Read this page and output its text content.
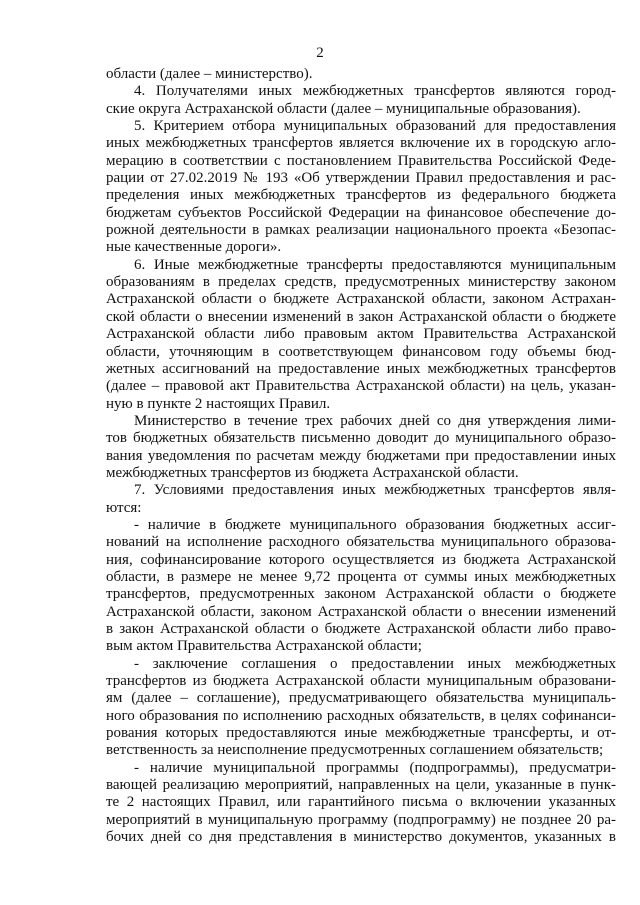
2
области (далее – министерство).
4. Получателями иных межбюджетных трансфертов являются город-
ские округа Астраханской области (далее – муниципальные образования).
5. Критерием отбора муниципальных образований для предоставления
иных межбюджетных трансфертов является включение их в городскую агло-
мерацию в соответствии с постановлением Правительства Российской Феде-
рации от 27.02.2019 № 193 «Об утверждении Правил предоставления и рас-
пределения иных межбюджетных трансфертов из федерального бюджета
бюджетам субъектов Российской Федерации на финансовое обеспечение до-
рожной деятельности в рамках реализации национального проекта «Безопас-
ные качественные дороги».
6. Иные межбюджетные трансферты предоставляются муниципальным
образованиям в пределах средств, предусмотренных министерству законом
Астраханской области о бюджете Астраханской области, законом Астрахан-
ской области о внесении изменений в закон Астраханской области о бюджете
Астраханской области либо правовым актом Правительства Астраханской
области, уточняющим в соответствующем финансовом году объемы бюд-
жетных ассигнований на предоставление иных межбюджетных трансфертов
(далее – правовой акт Правительства Астраханской области) на цель, указан-
ную в пункте 2 настоящих Правил.
Министерство в течение трех рабочих дней со дня утверждения лими-
тов бюджетных обязательств письменно доводит до муниципального образо-
вания уведомления по расчетам между бюджетами при предоставлении иных
межбюджетных трансфертов из бюджета Астраханской области.
7. Условиями предоставления иных межбюджетных трансфертов явля-
ются:
- наличие в бюджете муниципального образования бюджетных ассиг-
нований на исполнение расходного обязательства муниципального образова-
ния, софинансирование которого осуществляется из бюджета Астраханской
области, в размере не менее 9,72 процента от суммы иных межбюджетных
трансфертов, предусмотренных законом Астраханской области о бюджете
Астраханской области, законом Астраханской области о внесении изменений
в закон Астраханской области о бюджете Астраханской области либо право-
вым актом Правительства Астраханской области;
- заключение соглашения о предоставлении иных межбюджетных
трансфертов из бюджета Астраханской области муниципальным образовани-
ям (далее – соглашение), предусматривающего обязательства муниципаль-
ного образования по исполнению расходных обязательств, в целях софинанси-
рования которых предоставляются иные межбюджетные трансферты, и от-
ветственность за неисполнение предусмотренных соглашением обязательств;
- наличие муниципальной программы (подпрограммы), предусматри-
вающей реализацию мероприятий, направленных на цели, указанные в пунк-
те 2 настоящих Правил, или гарантийного письма о включении указанных
мероприятий в муниципальную программу (подпрограмму) не позднее 20 ра-
бочих дней со дня представления в министерство документов, указанных в
